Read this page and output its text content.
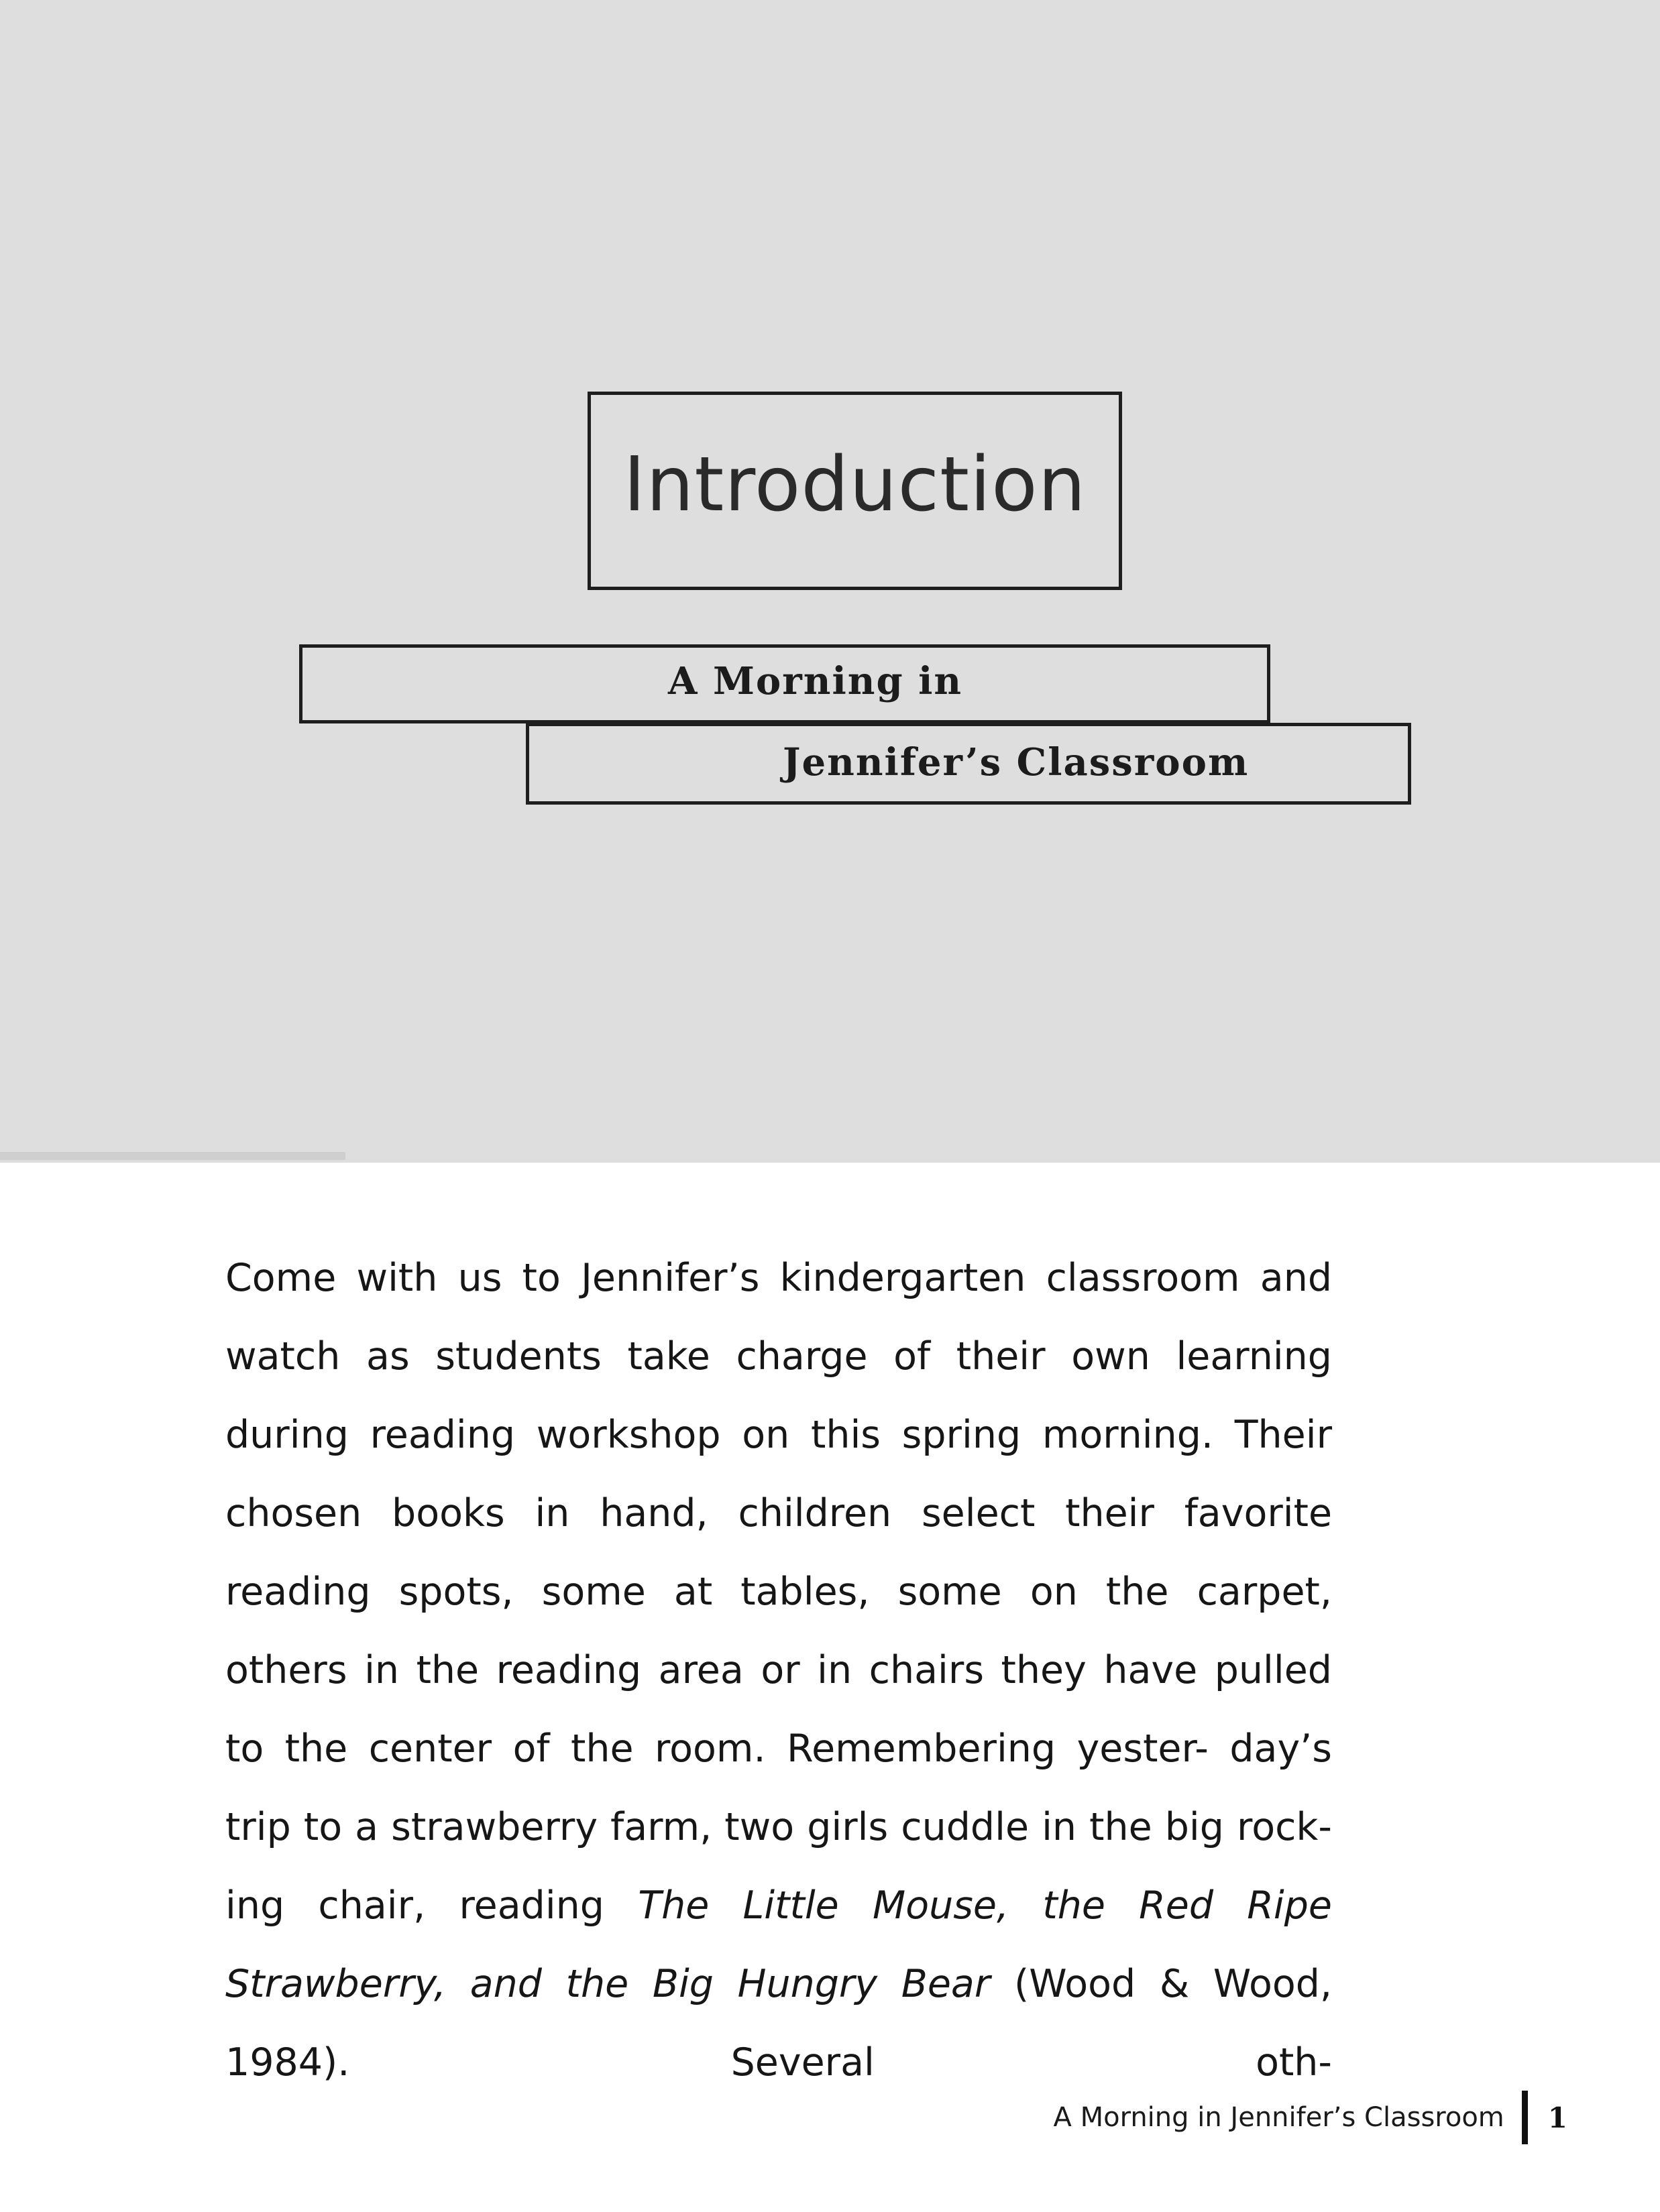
Introduction
A Morning in
Jennifer’s Classroom

Come with us to Jennifer’s kindergarten classroom and watch as students take charge of their own learning during reading workshop on this spring morning. Their chosen books in hand, children select their favorite reading spots, some at tables, some on the carpet, others in the reading area or in chairs they have pulled to the center of the room. Remembering yester- day’s trip to a strawberry farm, two girls cuddle in the big rock- ing chair, reading The Little Mouse, the Red Ripe Strawberry, and the Big Hungry Bear (Wood & Wood, 1984). Several oth-

A Morning in Jennifer’s Classroom 1
